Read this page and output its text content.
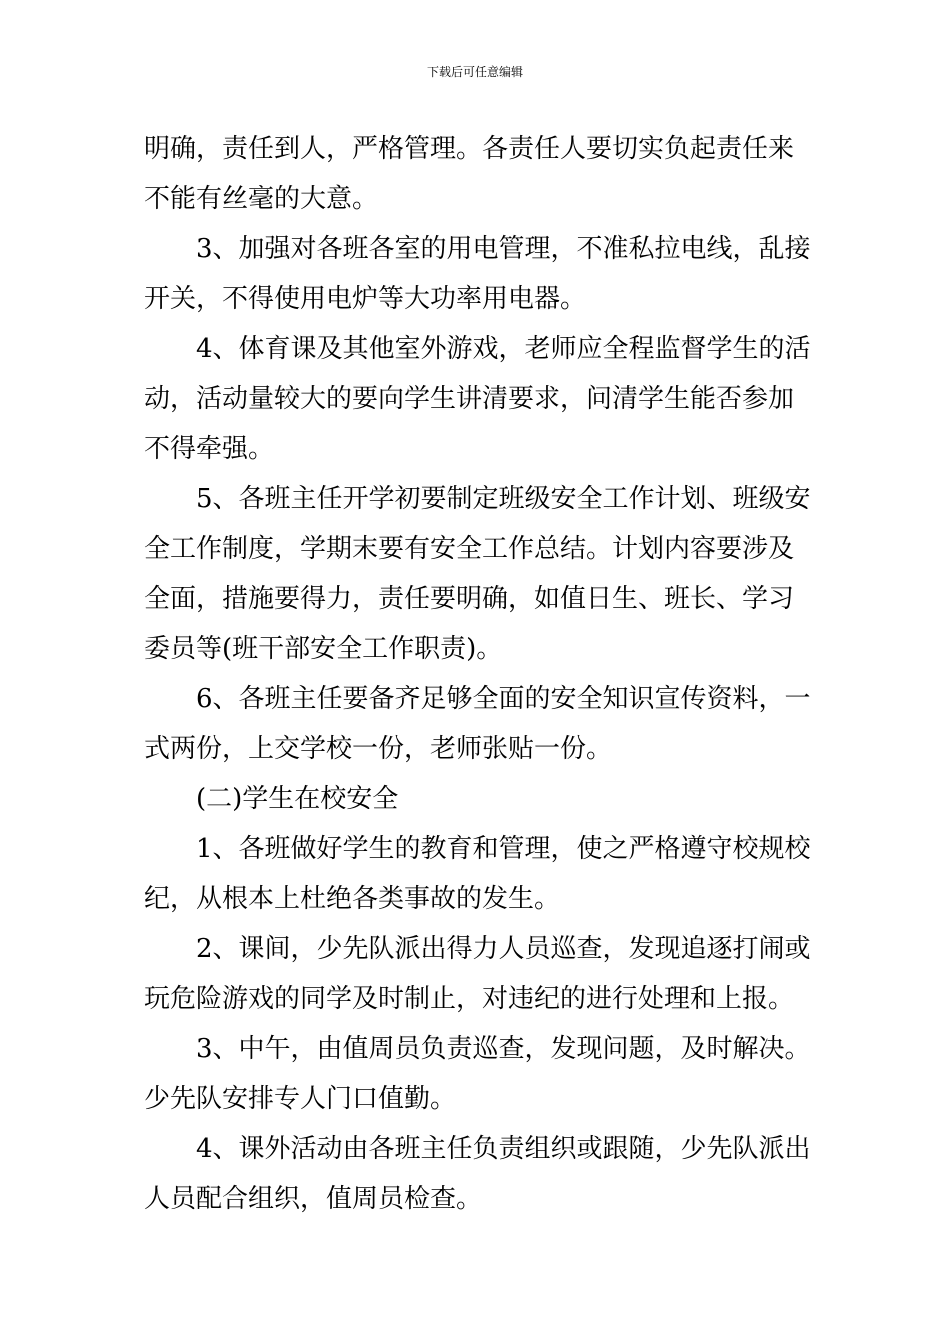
下载后可任意编辑
明确，责任到人，严格管理。各责任人要切实负起责任来
不能有丝毫的大意。
3、加强对各班各室的用电管理，不准私拉电线，乱接
开关，不得使用电炉等大功率用电器。
4、体育课及其他室外游戏，老师应全程监督学生的活
动，活动量较大的要向学生讲清要求，问清学生能否参加
不得牵强。
5、各班主任开学初要制定班级安全工作计划、班级安
全工作制度，学期末要有安全工作总结。计划内容要涉及
全面，措施要得力，责任要明确，如值日生、班长、学习
委员等(班干部安全工作职责)。
6、各班主任要备齐足够全面的安全知识宣传资料，一
式两份，上交学校一份，老师张贴一份。
(二)学生在校安全
1、各班做好学生的教育和管理，使之严格遵守校规校
纪，从根本上杜绝各类事故的发生。
2、课间，少先队派出得力人员巡查，发现追逐打闹或
玩危险游戏的同学及时制止，对违纪的进行处理和上报。
3、中午，由值周员负责巡查，发现问题，及时解决。
少先队安排专人门口值勤。
4、课外活动由各班主任负责组织或跟随，少先队派出
人员配合组织，值周员检查。
